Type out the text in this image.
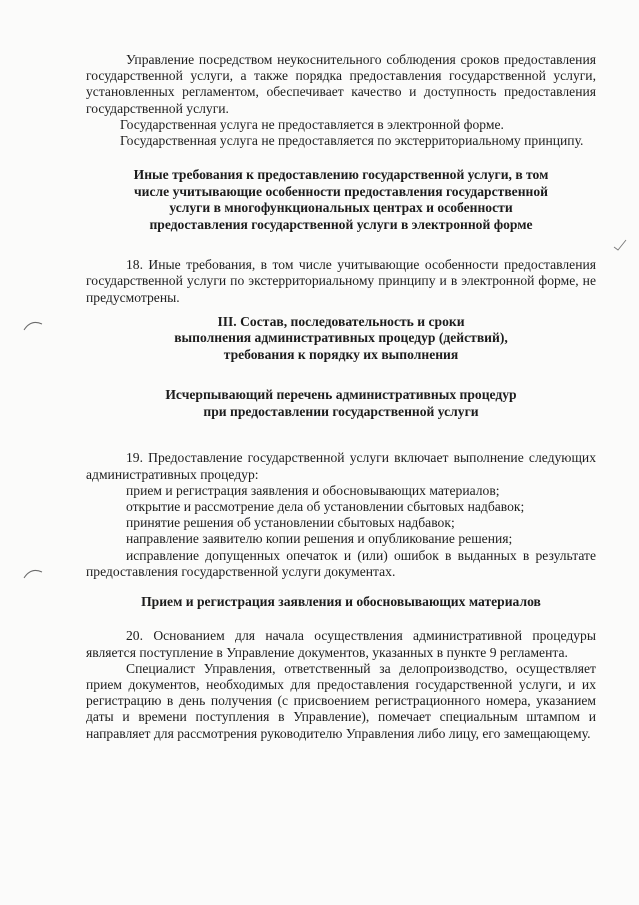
Управление посредством неукоснительного соблюдения сроков предоставления государственной услуги, а также порядка предоставления государственной услуги, установленных регламентом, обеспечивает качество и доступность предоставления государственной услуги.

Государственная услуга не предоставляется в электронной форме.

Государственная услуга не предоставляется по экстерриториальному принципу.

Иные требования к предоставлению государственной услуги, в том

числе учитывающие особенности предоставления государственной

услуги в многофункциональных центрах и особенности

предоставления государственной услуги в электронной форме

18. Иные требования, в том числе учитывающие особенности предоставления государственной услуги по экстерриториальному принципу и в электронной форме, не предусмотрены.

III. Состав, последовательность и сроки

выполнения административных процедур (действий),

требования к порядку их выполнения

Исчерпывающий перечень административных процедур

при предоставлении государственной услуги

19. Предоставление государственной услуги включает выполнение следующих административных процедур:

прием и регистрация заявления и обосновывающих материалов;

открытие и рассмотрение дела об установлении сбытовых надбавок;

принятие решения об установлении сбытовых надбавок;

направление заявителю копии решения и опубликование решения;

исправление допущенных опечаток и (или) ошибок в выданных в результате предоставления государственной услуги документах.

Прием и регистрация заявления и обосновывающих материалов

20. Основанием для начала осуществления административной процедуры является поступление в Управление документов, указанных в пункте 9 регламента.

Специалист Управления, ответственный за делопроизводство, осуществляет прием документов, необходимых для предоставления государственной услуги, и их регистрацию в день получения (с присвоением регистрационного номера, указанием даты и времени поступления в Управление), помечает специальным штампом и направляет для рассмотрения руководителю Управления либо лицу, его замещающему.
